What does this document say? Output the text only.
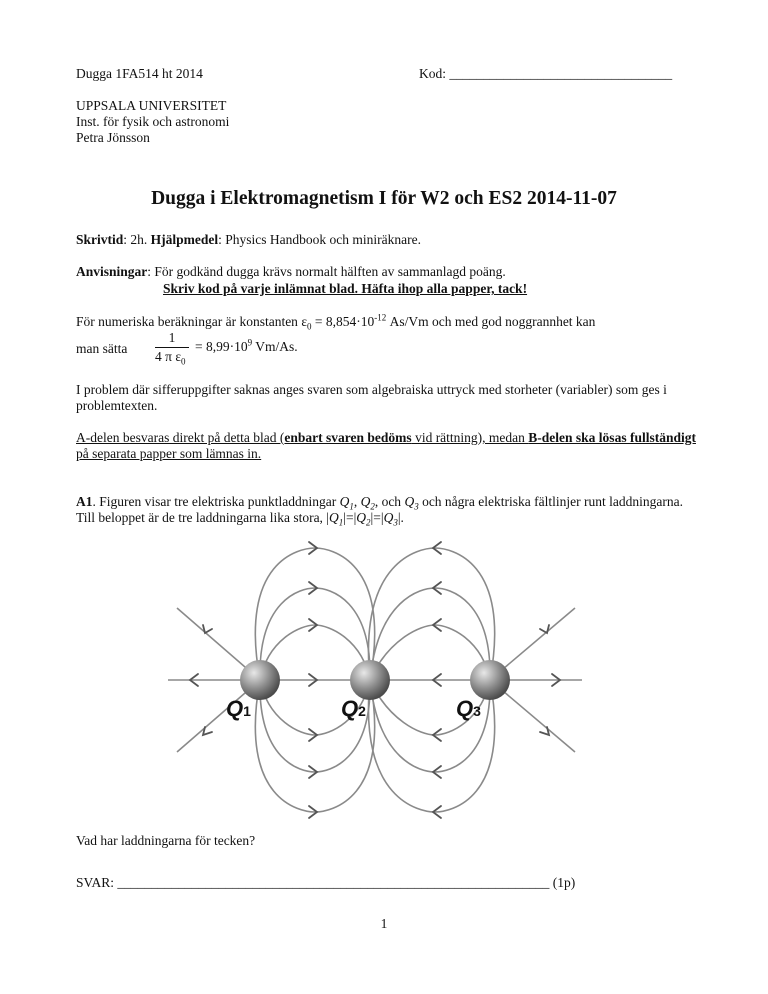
Dugga 1FA514 ht 2014	Kod: _________________________________
UPPSALA UNIVERSITET
Inst. för fysik och astronomi
Petra Jönsson
Dugga i Elektromagnetism I för W2 och ES2 2014-11-07
Skrivtid: 2h. Hjälpmedel: Physics Handbook och miniräknare.
Anvisningar: För godkänd dugga krävs normalt hälften av sammanlagd poäng.
Skriv kod på varje inlämnat blad. Häfta ihop alla papper, tack!
För numeriska beräkningar är konstanten $\varepsilon_0 = 8,854\cdot 10^{-12}$ As/Vm och med god noggrannhet kan
man sätta
1
4 π $\varepsilon_0$
= $8,99\cdot 10^9$ Vm/As.
I problem där sifferuppgifter saknas anges svaren som algebraiska uttryck med storheter (variabler) som ges i problemtexten.
A-delen besvaras direkt på detta blad (enbart svaren bedöms vid rättning), medan B-delen ska lösas fullständigt på separata papper som lämnas in.
A1. Figuren visar tre elektriska punktladdningar $Q_1$, $Q_2$, och $Q_3$ och några elektriska fältlinjer runt laddningarna. Till beloppet är de tre laddningarna lika stora, $|Q_1|=|Q_2|=|Q_3|$.
Q1	Q2	Q3
Vad har laddningarna för tecken?
SVAR: ________________________________________________________________ (1p)
1
